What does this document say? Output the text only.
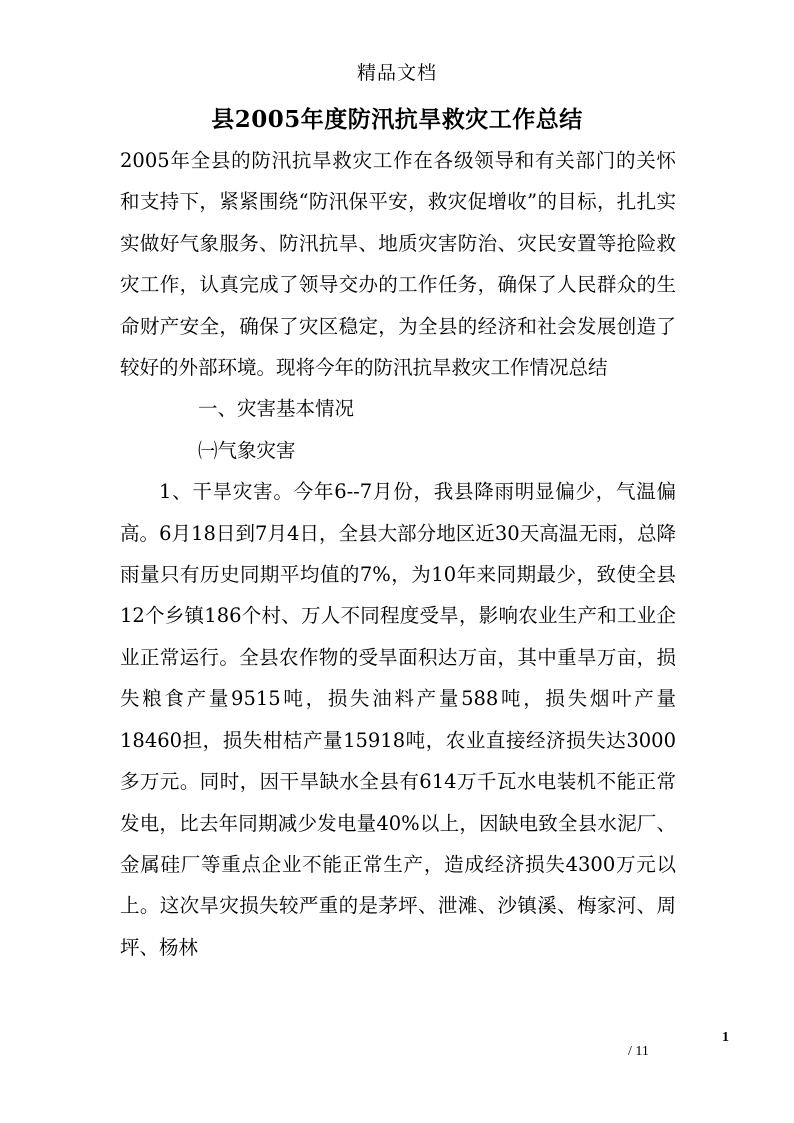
精品文档
县2005年度防汛抗旱救灾工作总结

2005年全县的防汛抗旱救灾工作在各级领导和有关部门的关怀和支持下，紧紧围绕“防汛保平安，救灾促增收”的目标，扎扎实实做好气象服务、防汛抗旱、地质灾害防治、灾民安置等抢险救灾工作，认真完成了领导交办的工作任务，确保了人民群众的生命财产安全，确保了灾区稳定，为全县的经济和社会发展创造了较好的外部环境。现将今年的防汛抗旱救灾工作情况总结

一、灾害基本情况

㈠气象灾害

1、干旱灾害。今年6--7月份，我县降雨明显偏少，气温偏高。6月18日到7月4日，全县大部分地区近30天高温无雨，总降雨量只有历史同期平均值的7%，为10年来同期最少，致使全县12个乡镇186个村、万人不同程度受旱，影响农业生产和工业企业正常运行。全县农作物的受旱面积达万亩，其中重旱万亩，损失粮食产量9515吨，损失油料产量588吨，损失烟叶产量18460担，损失柑桔产量15918吨，农业直接经济损失达3000多万元。同时，因干旱缺水全县有614万千瓦水电装机不能正常发电，比去年同期减少发电量40%以上，因缺电致全县水泥厂、金属硅厂等重点企业不能正常生产，造成经济损失4300万元以上。这次旱灾损失较严重的是茅坪、泄滩、沙镇溪、梅家河、周坪、杨林

1
/ 11
